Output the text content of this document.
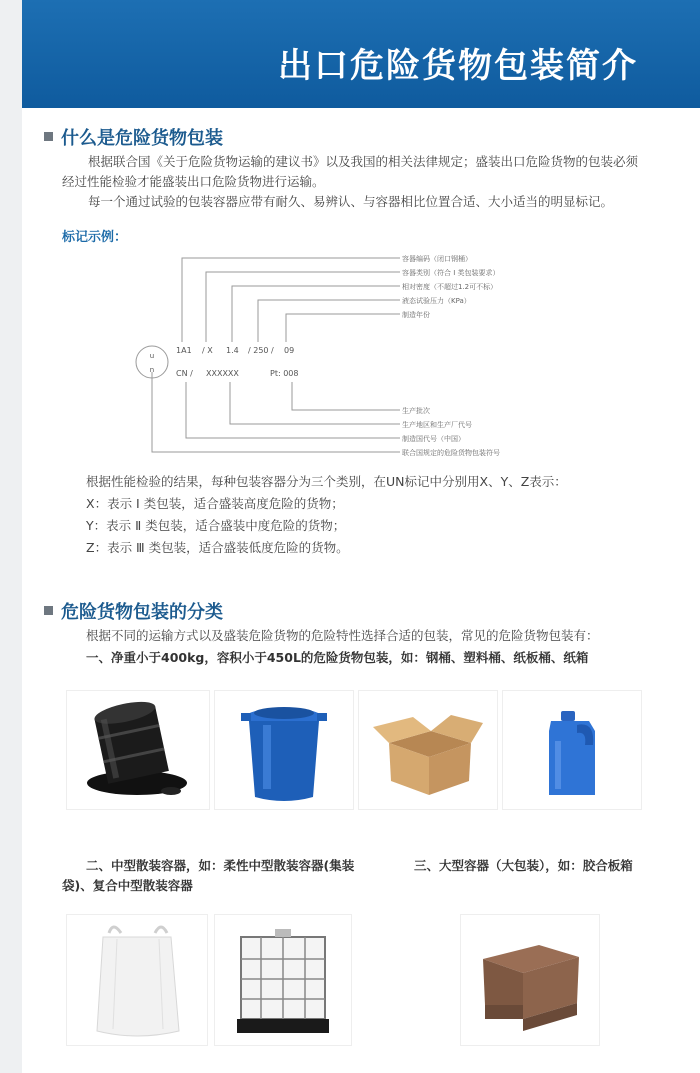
出口危险货物包装简介
什么是危险货物包装
根据联合国《关于危险货物运输的建议书》以及我国的相关法律规定；盛装出口危险货物的包装必须
经过性能检验才能盛装出口危险货物进行运输。
每一个通过试验的包装容器应带有耐久、易辨认、与容器相比位置合适、大小适当的明显标记。
标记示例：
u
n
1A1 / X 1.4 / 250 / 09
CN / XXXXXX	Pt: 008
容器编码（闭口钢桶）
容器类别（符合 I 类包装要求）
相对密度（不超过1.2可不标）
液态试验压力（KPa）
制造年份
生产批次
生产地区和生产厂代号
制造国代号（中国）
联合国规定的危险货物包装符号
根据性能检验的结果，每种包装容器分为三个类别，在UN标记中分别用X、Y、Z表示：
X：表示 Ⅰ 类包装，适合盛装高度危险的货物；
Y：表示 Ⅱ 类包装，适合盛装中度危险的货物；
Z：表示 Ⅲ 类包装，适合盛装低度危险的货物。
危险货物包装的分类
根据不同的运输方式以及盛装危险货物的危险特性选择合适的包装，常见的危险货物包装有：
一、净重小于400kg，容积小于450L的危险货物包装，如：钢桶、塑料桶、纸板桶、纸箱
二、中型散装容器，如：柔性中型散装容器(集装
袋)、复合中型散装容器
三、大型容器（大包装），如：胶合板箱
